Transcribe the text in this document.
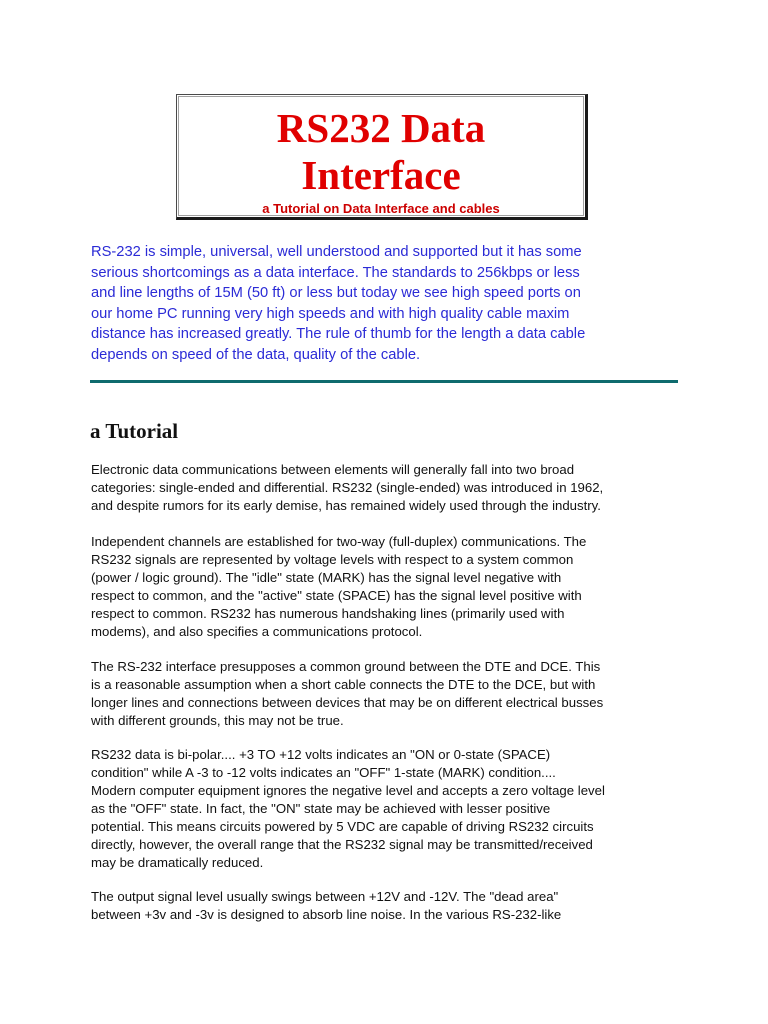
RS232 Data
Interface
a Tutorial on Data Interface and cables

RS-232 is simple, universal, well understood and supported but it has some
serious shortcomings as a data interface. The standards to 256kbps or less
and line lengths of 15M (50 ft) or less but today we see high speed ports on
our home PC running very high speeds and with high quality cable maxim
distance has increased greatly. The rule of thumb for the length a data cable
depends on speed of the data, quality of the cable.

a Tutorial

Electronic data communications between elements will generally fall into two broad
categories: single-ended and differential. RS232 (single-ended) was introduced in 1962,
and despite rumors for its early demise, has remained widely used through the industry.

Independent channels are established for two-way (full-duplex) communications. The
RS232 signals are represented by voltage levels with respect to a system common
(power / logic ground). The "idle" state (MARK) has the signal level negative with
respect to common, and the "active" state (SPACE) has the signal level positive with
respect to common. RS232 has numerous handshaking lines (primarily used with
modems), and also specifies a communications protocol.

The RS-232 interface presupposes a common ground between the DTE and DCE. This
is a reasonable assumption when a short cable connects the DTE to the DCE, but with
longer lines and connections between devices that may be on different electrical busses
with different grounds, this may not be true.

RS232 data is bi-polar.... +3 TO +12 volts indicates an "ON or 0-state (SPACE)
condition" while A -3 to -12 volts indicates an "OFF" 1-state (MARK) condition....
Modern computer equipment ignores the negative level and accepts a zero voltage level
as the "OFF" state. In fact, the "ON" state may be achieved with lesser positive
potential. This means circuits powered by 5 VDC are capable of driving RS232 circuits
directly, however, the overall range that the RS232 signal may be transmitted/received
may be dramatically reduced.

The output signal level usually swings between +12V and -12V. The "dead area"
between +3v and -3v is designed to absorb line noise. In the various RS-232-like
